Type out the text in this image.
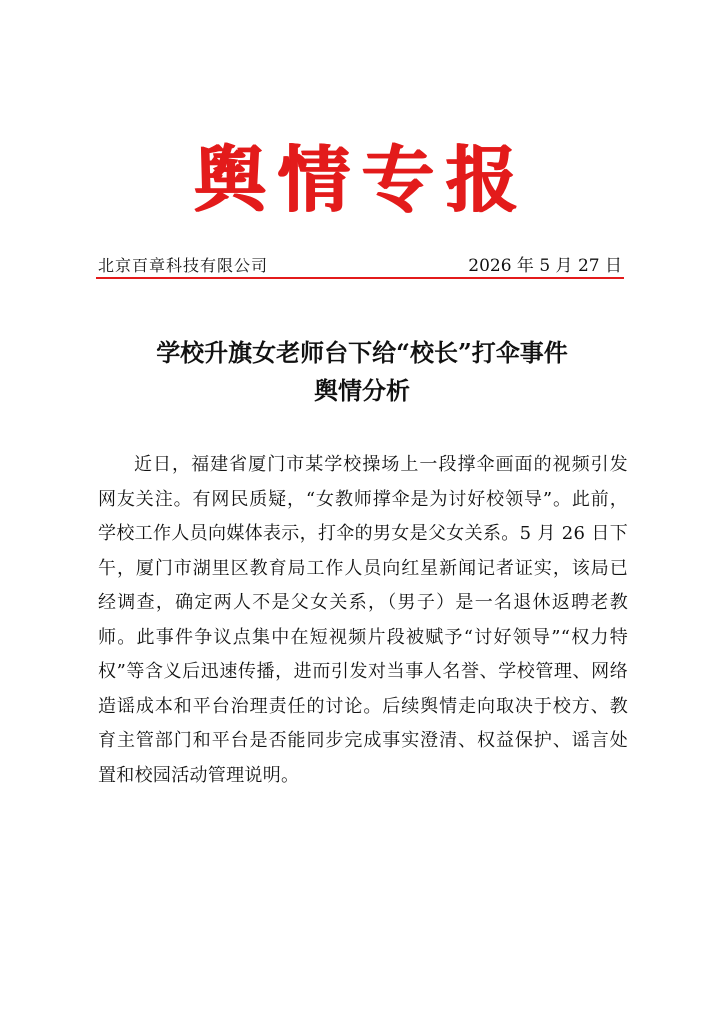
舆情专报
北京百章科技有限公司	2026 年 5 月 27 日
学校升旗女老师台下给“校长”打伞事件
舆情分析

近日，福建省厦门市某学校操场上一段撑伞画面的视频引发网友关注。有网民质疑，“女教师撑伞是为讨好校领导”。此前，学校工作人员向媒体表示，打伞的男女是父女关系。5 月 26 日下午，厦门市湖里区教育局工作人员向红星新闻记者证实，该局已经调查，确定两人不是父女关系，（男子）是一名退休返聘老教师。此事件争议点集中在短视频片段被赋予“讨好领导”“权力特权”等含义后迅速传播，进而引发对当事人名誉、学校管理、网络造谣成本和平台治理责任的讨论。后续舆情走向取决于校方、教育主管部门和平台是否能同步完成事实澄清、权益保护、谣言处置和校园活动管理说明。
